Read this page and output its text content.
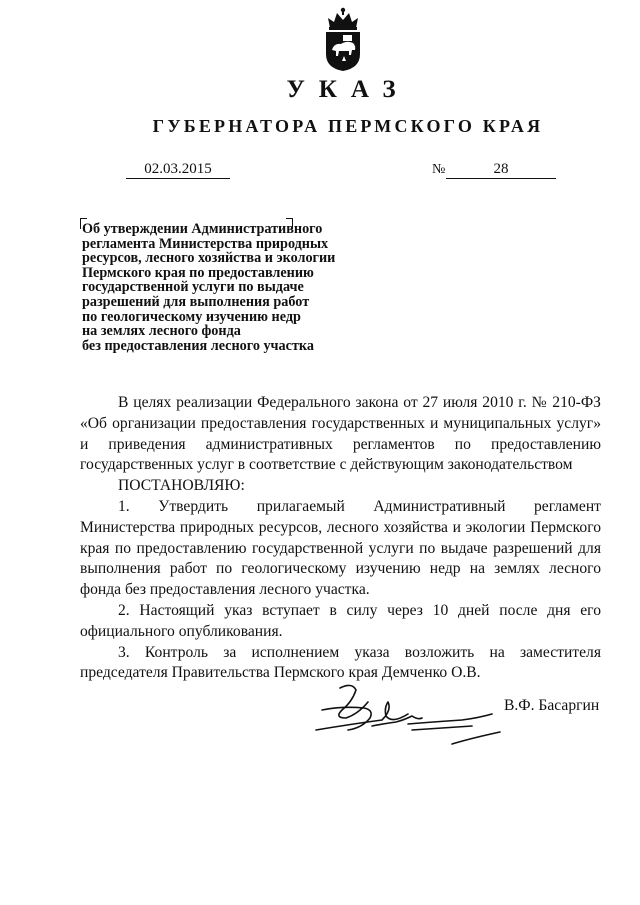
УКАЗ
ГУБЕРНАТОРА ПЕРМСКОГО КРАЯ
02.03.2015	№	28
Об утверждении Административного
регламента Министерства природных
ресурсов, лесного хозяйства и экологии
Пермского края по предоставлению
государственной услуги по выдаче
разрешений для выполнения работ
по геологическому изучению недр
на землях лесного фонда
без предоставления лесного участка
В целях реализации Федерального закона от 27 июля 2010 г. № 210-ФЗ «Об организации предоставления государственных и муниципальных услуг» и приведения административных регламентов по предоставлению государственных услуг в соответствие с действующим законодательством
ПОСТАНОВЛЯЮ:
1. Утвердить прилагаемый Административный регламент Министерства природных ресурсов, лесного хозяйства и экологии Пермского края по предоставлению государственной услуги по выдаче разрешений для выполнения работ по геологическому изучению недр на землях лесного фонда без предоставления лесного участка.
2. Настоящий указ вступает в силу через 10 дней после дня его официального опубликования.
3. Контроль за исполнением указа возложить на заместителя председателя Правительства Пермского края Демченко О.В.
В.Ф. Басаргин
